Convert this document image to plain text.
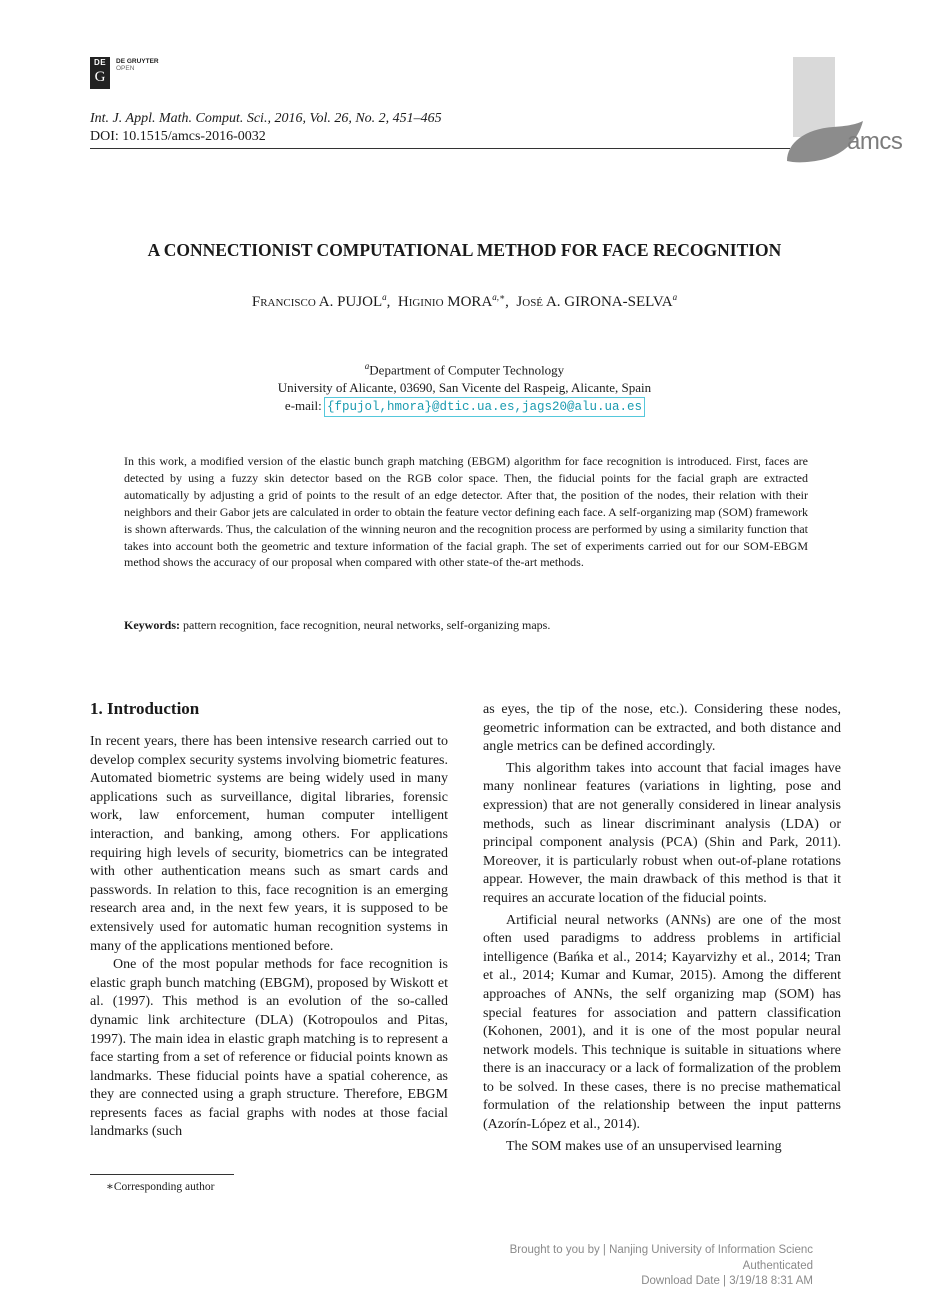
DE
G
DE GRUYTER
OPEN
Int. J. Appl. Math. Comput. Sci., 2016, Vol. 26, No. 2, 451–465
DOI: 10.1515/amcs-2016-0032	amcs
A CONNECTIONIST COMPUTATIONAL METHOD FOR FACE RECOGNITION
Francisco A. PUJOL$^a$,  Higinio $MORA^{a,∗}$,  José A. GIRONA-SELVA$^a$
$^a$Department of Computer Technology
University of Alicante, 03690, San Vicente del Raspeig, Alicante, Spain
e-mail: {fpujol,hmora}@dtic.ua.es,jags20@alu.ua.es
In this work, a modified version of the elastic bunch graph matching (EBGM) algorithm for face recognition is introduced. First, faces are detected by using a fuzzy skin detector based on the RGB color space. Then, the fiducial points for the facial graph are extracted automatically by adjusting a grid of points to the result of an edge detector. After that, the position of the nodes, their relation with their neighbors and their Gabor jets are calculated in order to obtain the feature vector defining each face. A self-organizing map (SOM) framework is shown afterwards. Thus, the calculation of the winning neuron and the recognition process are performed by using a similarity function that takes into account both the geometric and texture information of the facial graph. The set of experiments carried out for our SOM-EBGM method shows the accuracy of our proposal when compared with other state-of the-art methods.
Keywords: pattern recognition, face recognition, neural networks, self-organizing maps.
1. Introduction

In recent years, there has been intensive research carried out to develop complex security systems involving biometric features. Automated biometric systems are being widely used in many applications such as surveillance, digital libraries, forensic work, law enforcement, human computer intelligent interaction, and banking, among others. For applications requiring high levels of security, biometrics can be integrated with other authentication means such as smart cards and passwords. In relation to this, face recognition is an emerging research area and, in the next few years, it is supposed to be extensively used for automatic human recognition systems in many of the applications mentioned before.

One of the most popular methods for face recognition is elastic graph bunch matching (EBGM), proposed by Wiskott et al. (1997). This method is an evolution of the so-called dynamic link architecture (DLA) (Kotropoulos and Pitas, 1997). The main idea in elastic graph matching is to represent a face starting from a set of reference or fiducial points known as landmarks. These fiducial points have a spatial coherence, as they are connected using a graph structure. Therefore, EBGM represents faces as facial graphs with nodes at those facial landmarks (such

as eyes, the tip of the nose, etc.). Considering these nodes, geometric information can be extracted, and both distance and angle metrics can be defined accordingly.

This algorithm takes into account that facial images have many nonlinear features (variations in lighting, pose and expression) that are not generally considered in linear analysis methods, such as linear discriminant analysis (LDA) or principal component analysis (PCA) (Shin and Park, 2011). Moreover, it is particularly robust when out-of-plane rotations appear. However, the main drawback of this method is that it requires an accurate location of the fiducial points.

Artificial neural networks (ANNs) are one of the most often used paradigms to address problems in artificial intelligence (Bańka et al., 2014; Kayarvizhy et al., 2014; Tran et al., 2014; Kumar and Kumar, 2015). Among the different approaches of ANNs, the self organizing map (SOM) has special features for association and pattern classification (Kohonen, 2001), and it is one of the most popular neural network models. This technique is suitable in situations where there is an inaccuracy or a lack of formalization of the problem to be solved. In these cases, there is no precise mathematical formulation of the relationship between the input patterns (Azorín-López et al., 2014).

The SOM makes use of an unsupervised learning

∗Corresponding author
Brought to you by | Nanjing University of Information Scienc
Authenticated
Download Date | 3/19/18 8:31 AM
